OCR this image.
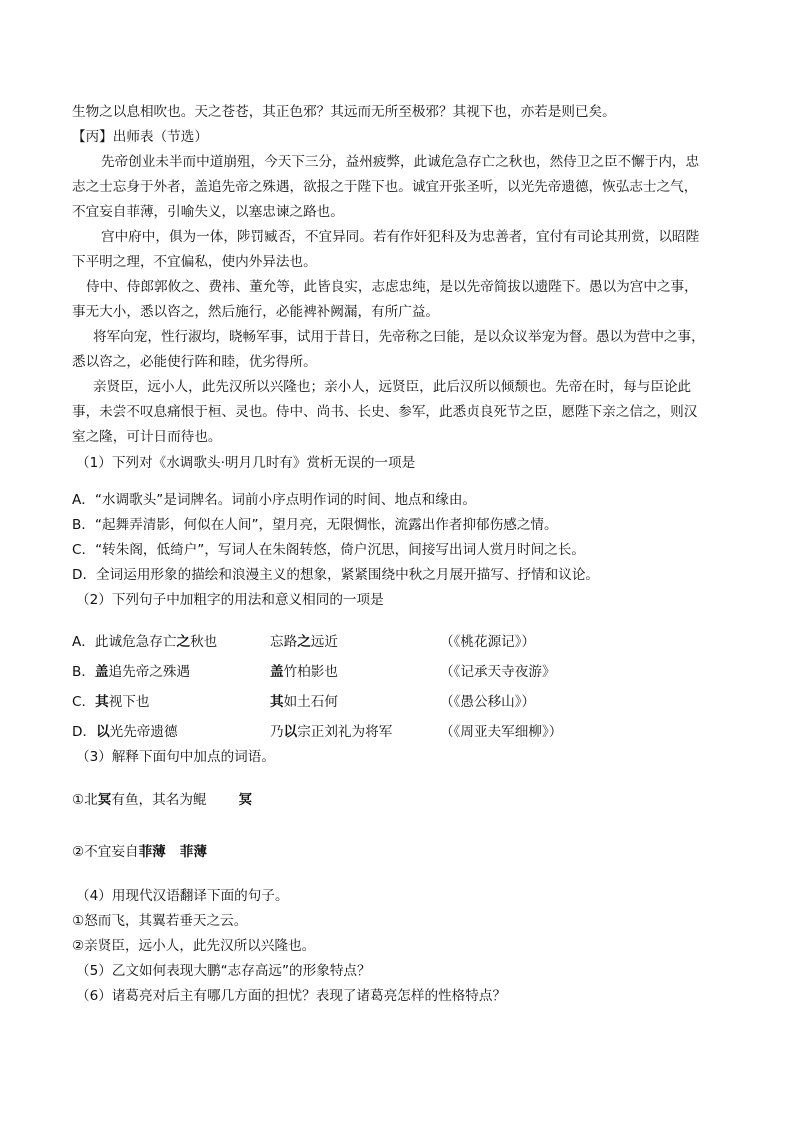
生物之以息相吹也。天之苍苍，其正色邪？其远而无所至极邪？其视下也，亦若是则已矣。
【丙】出师表（节选）
先帝创业未半而中道崩殂，今天下三分，益州疲弊，此诚危急存亡之秋也，然侍卫之臣不懈于内，忠
志之士忘身于外者，盖追先帝之殊遇，欲报之于陛下也。诚宜开张圣听，以光先帝遗德，恢弘志士之气，
不宜妄自菲薄，引喻失义，以塞忠谏之路也。
宫中府中，俱为一体，陟罚臧否，不宜异同。若有作奸犯科及为忠善者，宜付有司论其刑赏，以昭陛
下平明之理，不宜偏私，使内外异法也。
侍中、侍郎郭攸之、费祎、董允等，此皆良实，志虑忠纯，是以先帝简拔以遗陛下。愚以为宫中之事，
事无大小，悉以咨之，然后施行，必能裨补阙漏，有所广益。
将军向宠，性行淑均，晓畅军事，试用于昔日，先帝称之曰能，是以众议举宠为督。愚以为营中之事，
悉以咨之，必能使行阵和睦，优劣得所。
亲贤臣，远小人，此先汉所以兴隆也；亲小人，远贤臣，此后汉所以倾颓也。先帝在时，每与臣论此
事，未尝不叹息痛恨于桓、灵也。侍中、尚书、长史、参军，此悉贞良死节之臣，愿陛下亲之信之，则汉
室之隆，可计日而待也。
（1）下列对《水调歌头·明月几时有》赏析无误的一项是
A．“水调歌头”是词牌名。词前小序点明作词的时间、地点和缘由。
B．“起舞弄清影，何似在人间”，望月亮，无限惆怅，流露出作者抑郁伤感之情。
C．“转朱阁，低绮户”，写词人在朱阁转悠，倚户沉思，间接写出词人赏月时间之长。
D．全词运用形象的描绘和浪漫主义的想象，紧紧围绕中秋之月展开描写、抒情和议论。
（2）下列句子中加粗字的用法和意义相同的一项是
A．此诚危急存亡之秋也	忘路之远近	（《桃花源记》）
B．盖追先帝之殊遇	盖竹柏影也	（《记承天寺夜游》
C．其视下也	其如土石何	（《愚公移山》）
D．以光先帝遗德	乃以宗正刘礼为将军	（《周亚夫军细柳》）
（3）解释下面句中加点的词语。
①北冥有鱼，其名为鲲 冥
②不宜妄自菲薄 菲薄
（4）用现代汉语翻译下面的句子。
①怒而飞，其翼若垂天之云。
②亲贤臣，远小人，此先汉所以兴隆也。
（5）乙文如何表现大鹏“志存高远”的形象特点？
（6）诸葛亮对后主有哪几方面的担忧？表现了诸葛亮怎样的性格特点？
